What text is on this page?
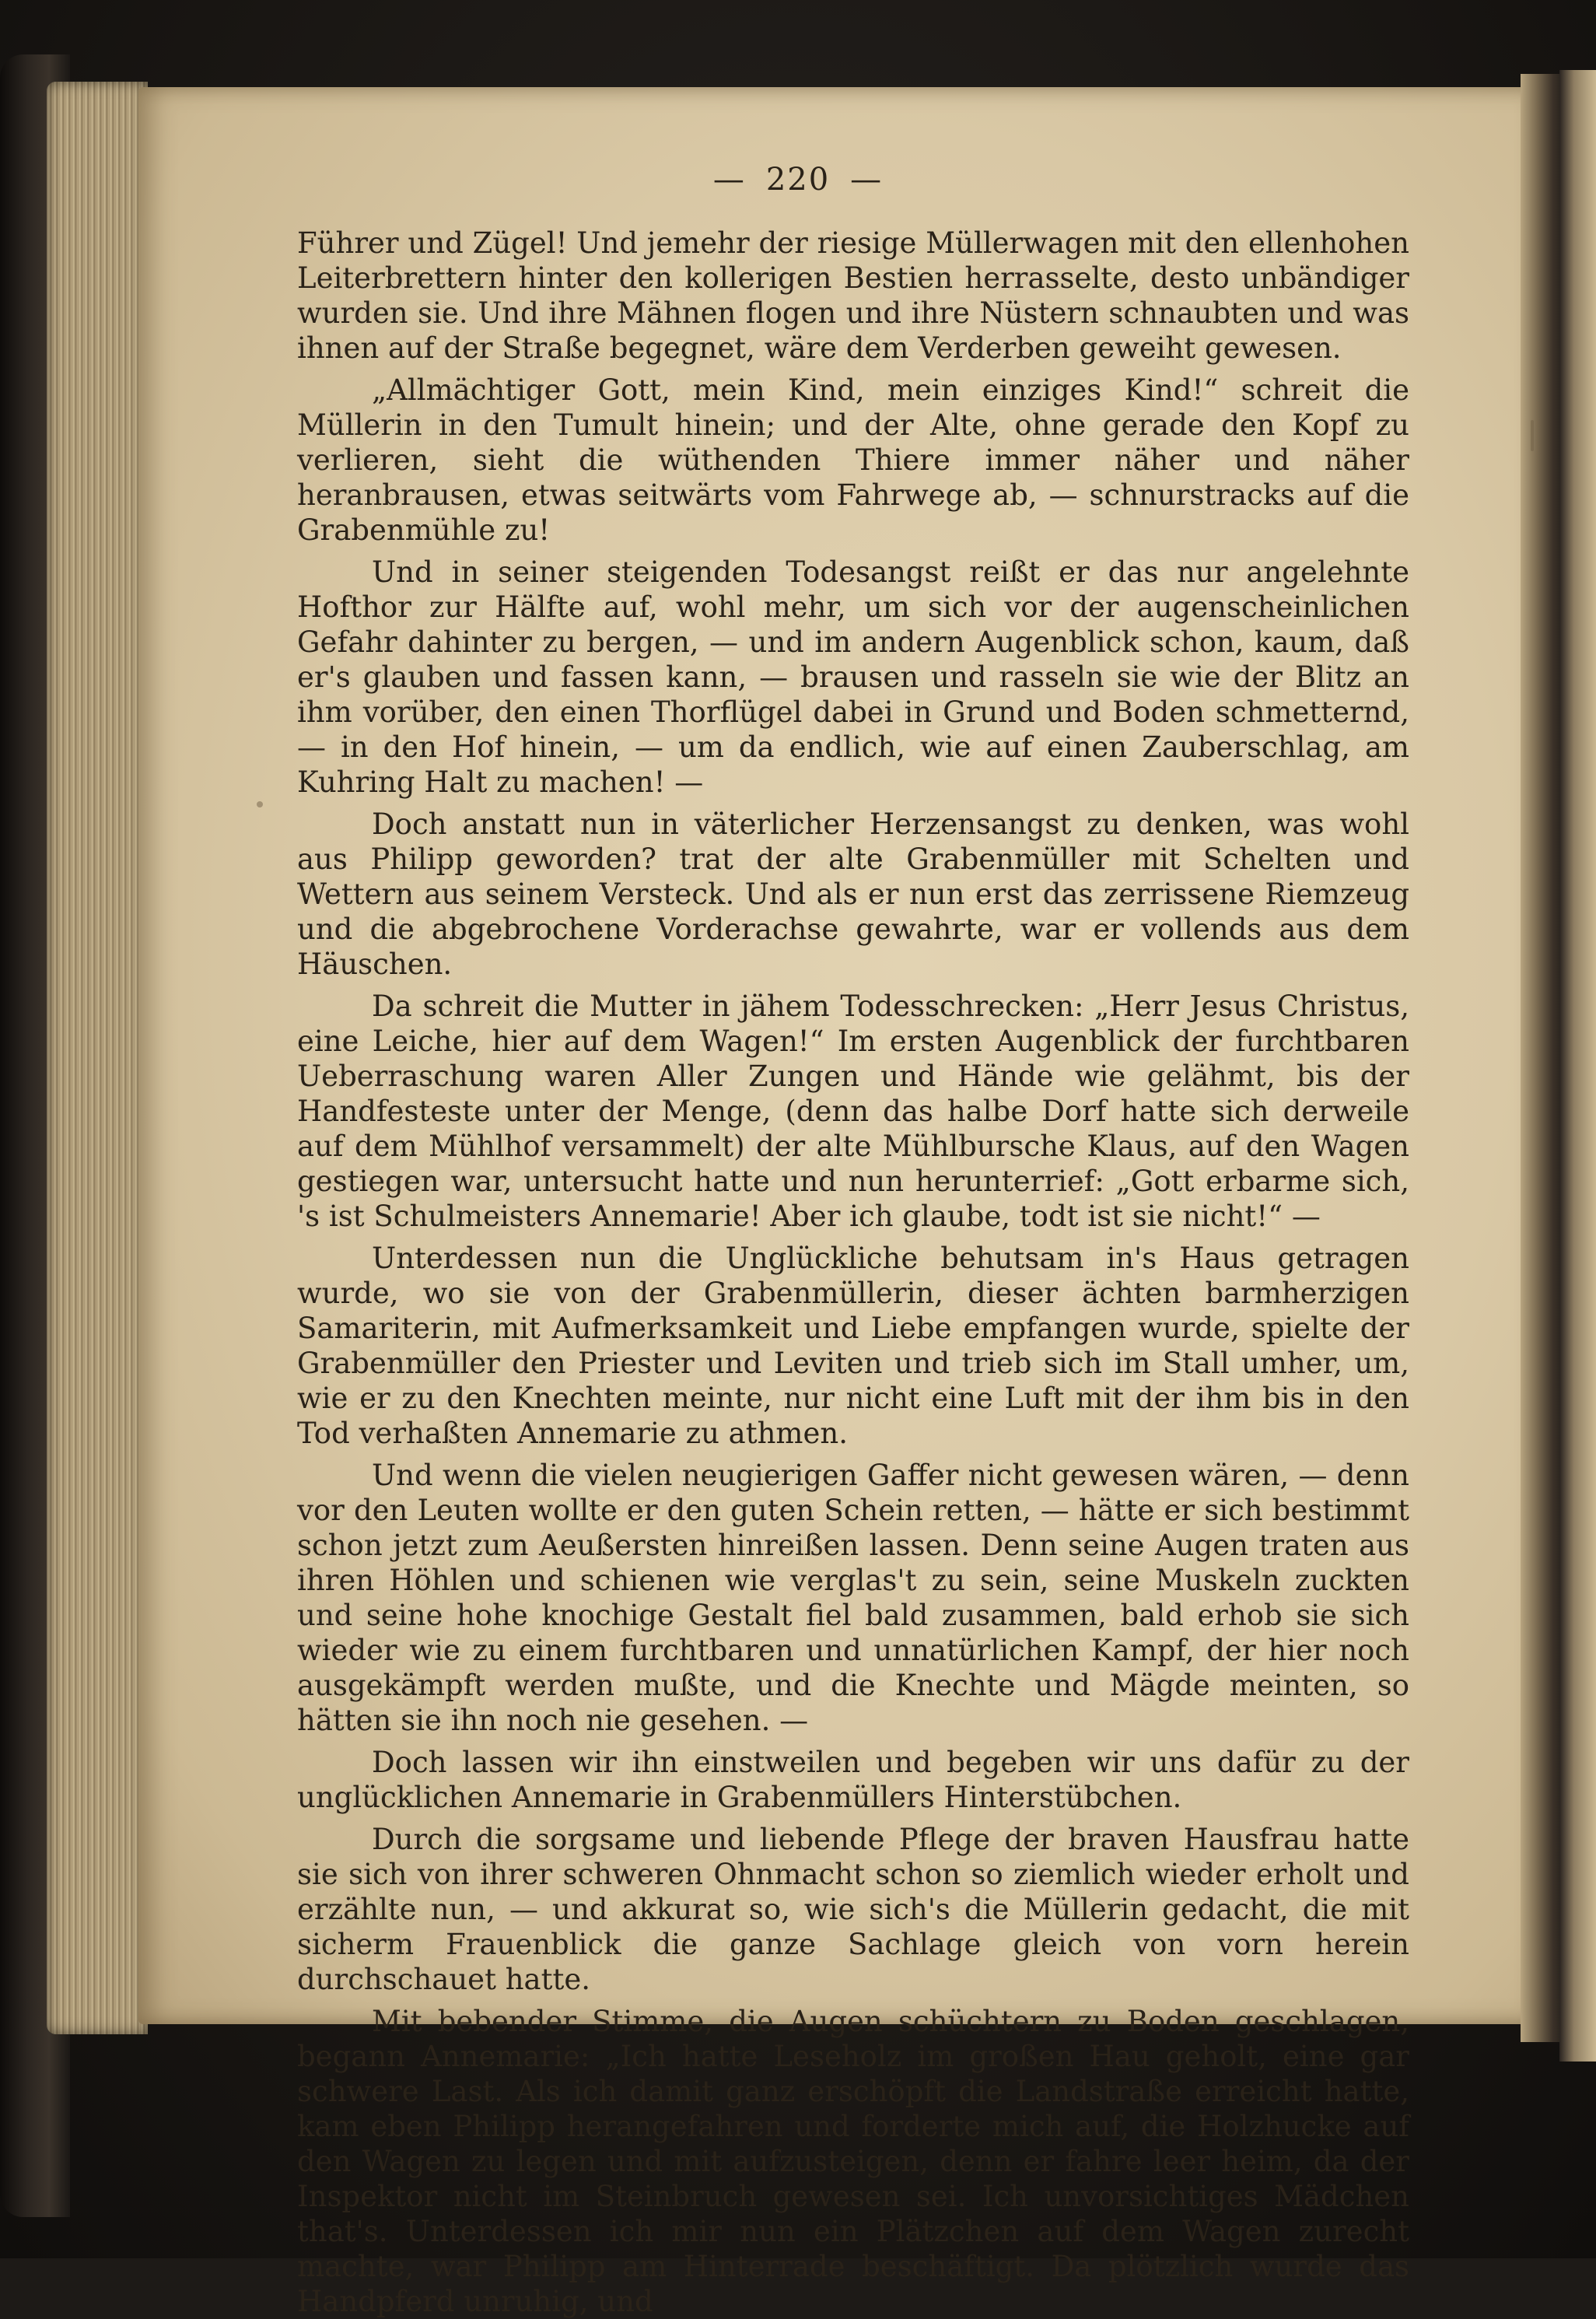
— 220 —

Führer und Zügel! Und jemehr der riesige Müllerwagen mit den ellenhohen Leiterbrettern hinter den kollerigen Bestien herrasselte, desto unbändiger wurden sie. Und ihre Mähnen flogen und ihre Nüstern schnaubten und was ihnen auf der Straße begegnet, wäre dem Verderben geweiht gewesen.

„Allmächtiger Gott, mein Kind, mein einziges Kind!“ schreit die Müllerin in den Tumult hinein; und der Alte, ohne gerade den Kopf zu verlieren, sieht die wüthenden Thiere immer näher und näher heranbrausen, etwas seitwärts vom Fahrwege ab, — schnurstracks auf die Grabenmühle zu!

Und in seiner steigenden Todesangst reißt er das nur angelehnte Hofthor zur Hälfte auf, wohl mehr, um sich vor der augenscheinlichen Gefahr dahinter zu bergen, — und im andern Augenblick schon, kaum, daß er's glauben und fassen kann, — brausen und rasseln sie wie der Blitz an ihm vorüber, den einen Thorflügel dabei in Grund und Boden schmetternd, — in den Hof hinein, — um da endlich, wie auf einen Zauberschlag, am Kuhring Halt zu machen! —

Doch anstatt nun in väterlicher Herzensangst zu denken, was wohl aus Philipp geworden? trat der alte Grabenmüller mit Schelten und Wettern aus seinem Versteck. Und als er nun erst das zerrissene Riemzeug und die abgebrochene Vorderachse gewahrte, war er vollends aus dem Häuschen.

Da schreit die Mutter in jähem Todesschrecken: „Herr Jesus Christus, eine Leiche, hier auf dem Wagen!“ Im ersten Augenblick der furchtbaren Ueberraschung waren Aller Zungen und Hände wie gelähmt, bis der Handfesteste unter der Menge, (denn das halbe Dorf hatte sich derweile auf dem Mühlhof versammelt) der alte Mühlbursche Klaus, auf den Wagen gestiegen war, untersucht hatte und nun herunterrief: „Gott erbarme sich, 's ist Schulmeisters Annemarie! Aber ich glaube, todt ist sie nicht!“ —

Unterdessen nun die Unglückliche behutsam in's Haus getragen wurde, wo sie von der Grabenmüllerin, dieser ächten barmherzigen Samariterin, mit Aufmerksamkeit und Liebe empfangen wurde, spielte der Grabenmüller den Priester und Leviten und trieb sich im Stall umher, um, wie er zu den Knechten meinte, nur nicht eine Luft mit der ihm bis in den Tod verhaßten Annemarie zu athmen.

Und wenn die vielen neugierigen Gaffer nicht gewesen wären, — denn vor den Leuten wollte er den guten Schein retten, — hätte er sich bestimmt schon jetzt zum Aeußersten hinreißen lassen. Denn seine Augen traten aus ihren Höhlen und schienen wie verglas't zu sein, seine Muskeln zuckten und seine hohe knochige Gestalt fiel bald zusammen, bald erhob sie sich wieder wie zu einem furchtbaren und unnatürlichen Kampf, der hier noch ausgekämpft werden mußte, und die Knechte und Mägde meinten, so hätten sie ihn noch nie gesehen. —

Doch lassen wir ihn einstweilen und begeben wir uns dafür zu der unglücklichen Annemarie in Grabenmüllers Hinterstübchen.

Durch die sorgsame und liebende Pflege der braven Hausfrau hatte sie sich von ihrer schweren Ohnmacht schon so ziemlich wieder erholt und erzählte nun, — und akkurat so, wie sich's die Müllerin gedacht, die mit sicherm Frauenblick die ganze Sachlage gleich von vorn herein durchschauet hatte.

Mit bebender Stimme, die Augen schüchtern zu Boden geschlagen, begann Annemarie: „Ich hatte Leseholz im großen Hau geholt, eine gar schwere Last. Als ich damit ganz erschöpft die Landstraße erreicht hatte, kam eben Philipp herangefahren und forderte mich auf, die Holzhucke auf den Wagen zu legen und mit aufzusteigen, denn er fahre leer heim, da der Inspektor nicht im Steinbruch gewesen sei. Ich unvorsichtiges Mädchen that's. Unterdessen ich mir nun ein Plätzchen auf dem Wagen zurecht machte, war Philipp am Hinterrade beschäftigt. Da plötzlich wurde das Handpferd unruhig, und
